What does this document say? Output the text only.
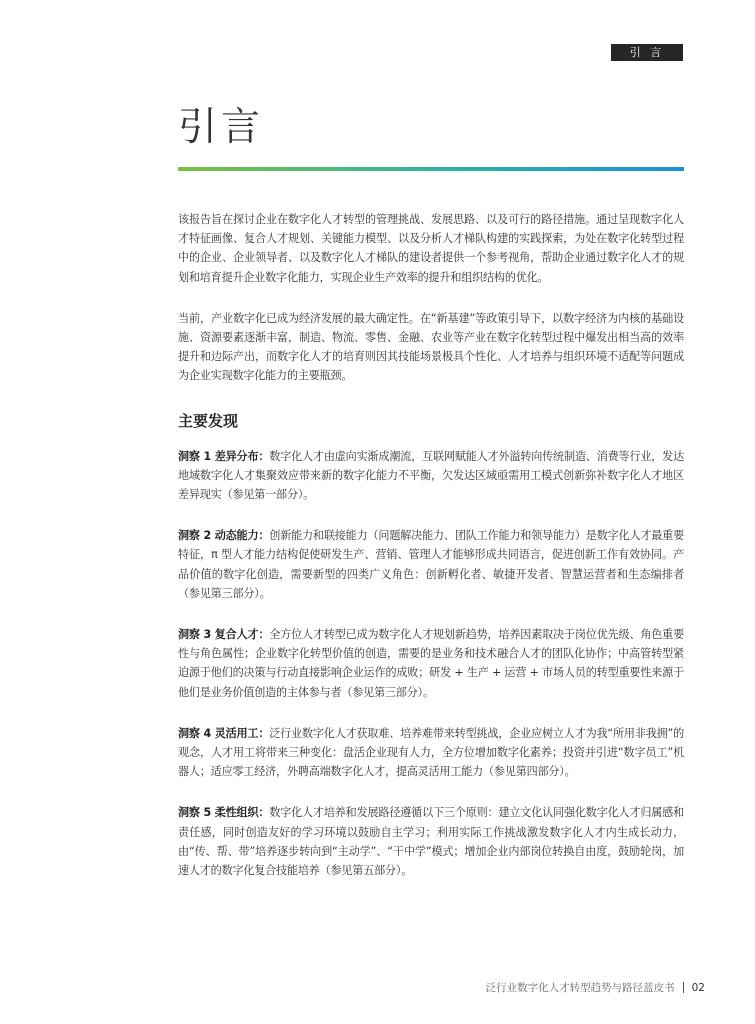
引 言
引言

该报告旨在探讨企业在数字化人才转型的管理挑战、发展思路、以及可行的路径措施。通过呈现数字化人才特征画像、复合人才规划、关键能力模型、以及分析人才梯队构建的实践探索，为处在数字化转型过程中的企业、企业领导者、以及数字化人才梯队的建设者提供一个参考视角，帮助企业通过数字化人才的规划和培育提升企业数字化能力，实现企业生产效率的提升和组织结构的优化。

当前，产业数字化已成为经济发展的最大确定性。在“新基建”等政策引导下，以数字经济为内核的基础设施、资源要素逐渐丰富，制造、物流、零售、金融、农业等产业在数字化转型过程中爆发出相当高的效率提升和边际产出，而数字化人才的培育则因其技能场景极具个性化、人才培养与组织环境不适配等问题成为企业实现数字化能力的主要瓶颈。

主要发现

洞察 1 差异分布：数字化人才由虚向实渐成潮流，互联网赋能人才外溢转向传统制造、消费等行业，发达地域数字化人才集聚效应带来新的数字化能力不平衡，欠发达区域亟需用工模式创新弥补数字化人才地区差异现实（参见第一部分）。

洞察 2 动态能力：创新能力和联接能力（问题解决能力、团队工作能力和领导能力）是数字化人才最重要特征，π 型人才能力结构促使研发生产、营销、管理人才能够形成共同语言，促进创新工作有效协同。产品价值的数字化创造，需要新型的四类广义角色：创新孵化者、敏捷开发者、智慧运营者和生态编排者（参见第三部分）。

洞察 3 复合人才：全方位人才转型已成为数字化人才规划新趋势，培养因素取决于岗位优先级、角色重要性与角色属性；企业数字化转型价值的创造，需要的是业务和技术融合人才的团队化协作；中高管转型紧迫源于他们的决策与行动直接影响企业运作的成败；研发 + 生产 + 运营 + 市场人员的转型重要性来源于他们是业务价值创造的主体参与者（参见第三部分）。

洞察 4 灵活用工：泛行业数字化人才获取难、培养难带来转型挑战，企业应树立人才为我“所用非我拥”的观念，人才用工将带来三种变化：盘活企业现有人力，全方位增加数字化素养；投资并引进“数字员工”机器人；适应零工经济，外聘高端数字化人才，提高灵活用工能力（参见第四部分）。

洞察 5 柔性组织：数字化人才培养和发展路径遵循以下三个原则：建立文化认同强化数字化人才归属感和责任感，同时创造友好的学习环境以鼓励自主学习；利用实际工作挑战激发数字化人才内生成长动力，由“传、帮、带”培养逐步转向到“主动学”、“干中学”模式；增加企业内部岗位转换自由度，鼓励轮岗，加速人才的数字化复合技能培养（参见第五部分）。

泛行业数字化人才转型趋势与路径蓝皮书 02
